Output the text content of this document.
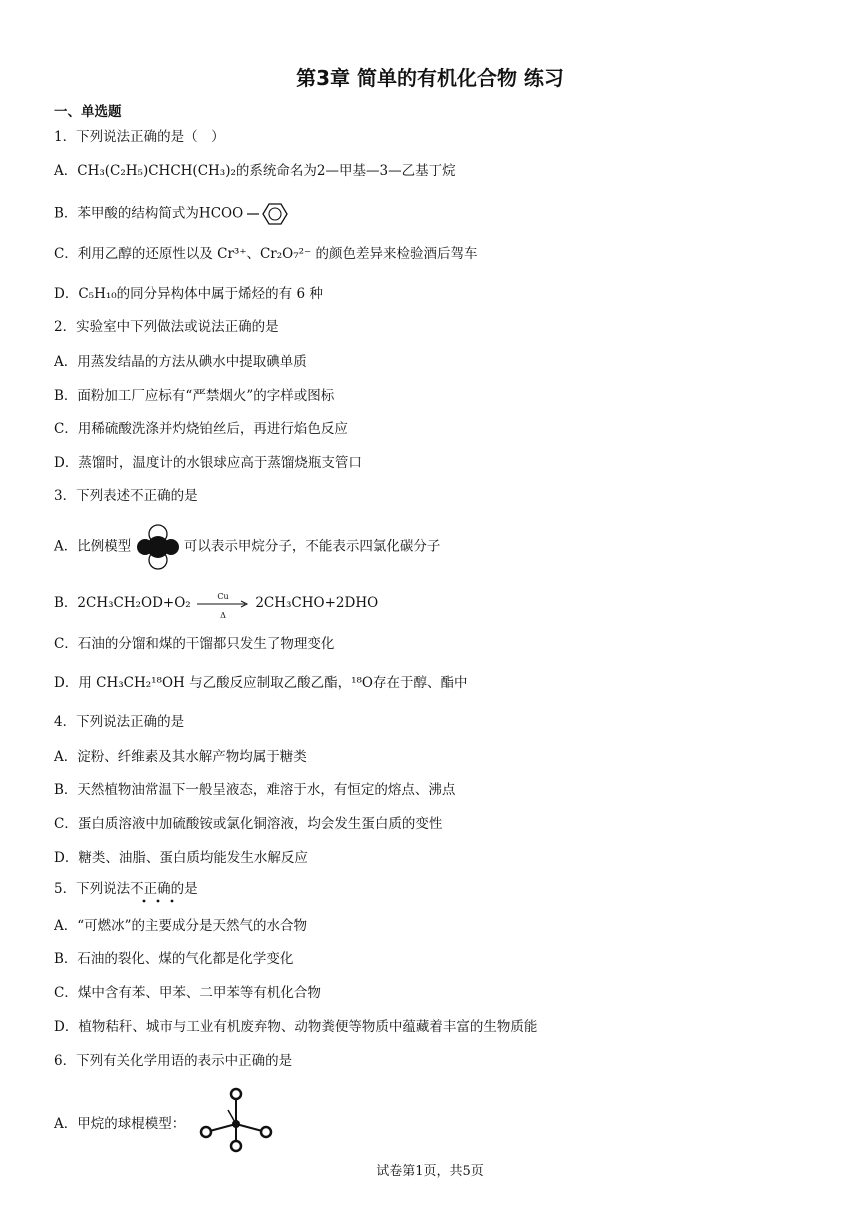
第3章 简单的有机化合物 练习
一、单选题
1．下列说法正确的是（　）
A．CH₃(C₂H₅)CHCH(CH₃)₂的系统命名为2—甲基—3—乙基丁烷
B．苯甲酸的结构简式为HCOO
C．利用乙醇的还原性以及 Cr³⁺、Cr₂O₇²⁻ 的颜色差异来检验酒后驾车
D．C₅H₁₀的同分异构体中属于烯烃的有 6 种
2．实验室中下列做法或说法正确的是
A．用蒸发结晶的方法从碘水中提取碘单质
B．面粉加工厂应标有“严禁烟火”的字样或图标
C．用稀硫酸洗涤并灼烧铂丝后，再进行焰色反应
D．蒸馏时，温度计的水银球应高于蒸馏烧瓶支管口
3．下列表述不正确的是
A．比例模型	可以表示甲烷分子，不能表示四氯化碳分子
B．2CH₃CH₂OD+O₂	Cu
Δ
2CH₃CHO+2DHO
C．石油的分馏和煤的干馏都只发生了物理变化
D．用 CH₃CH₂¹⁸OH 与乙酸反应制取乙酸乙酯，¹⁸O存在于醇、酯中
4．下列说法正确的是
A．淀粉、纤维素及其水解产物均属于糖类
B．天然植物油常温下一般呈液态，难溶于水，有恒定的熔点、沸点
C．蛋白质溶液中加硫酸铵或氯化铜溶液，均会发生蛋白质的变性
D．糖类、油脂、蛋白质均能发生水解反应
5．下列说法不正确的是
A．“可燃冰”的主要成分是天然气的水合物
B．石油的裂化、煤的气化都是化学变化
C．煤中含有苯、甲苯、二甲苯等有机化合物
D．植物秸秆、城市与工业有机废弃物、动物粪便等物质中蕴藏着丰富的生物质能
6．下列有关化学用语的表示中正确的是
A．甲烷的球棍模型：
试卷第1页，共5页
